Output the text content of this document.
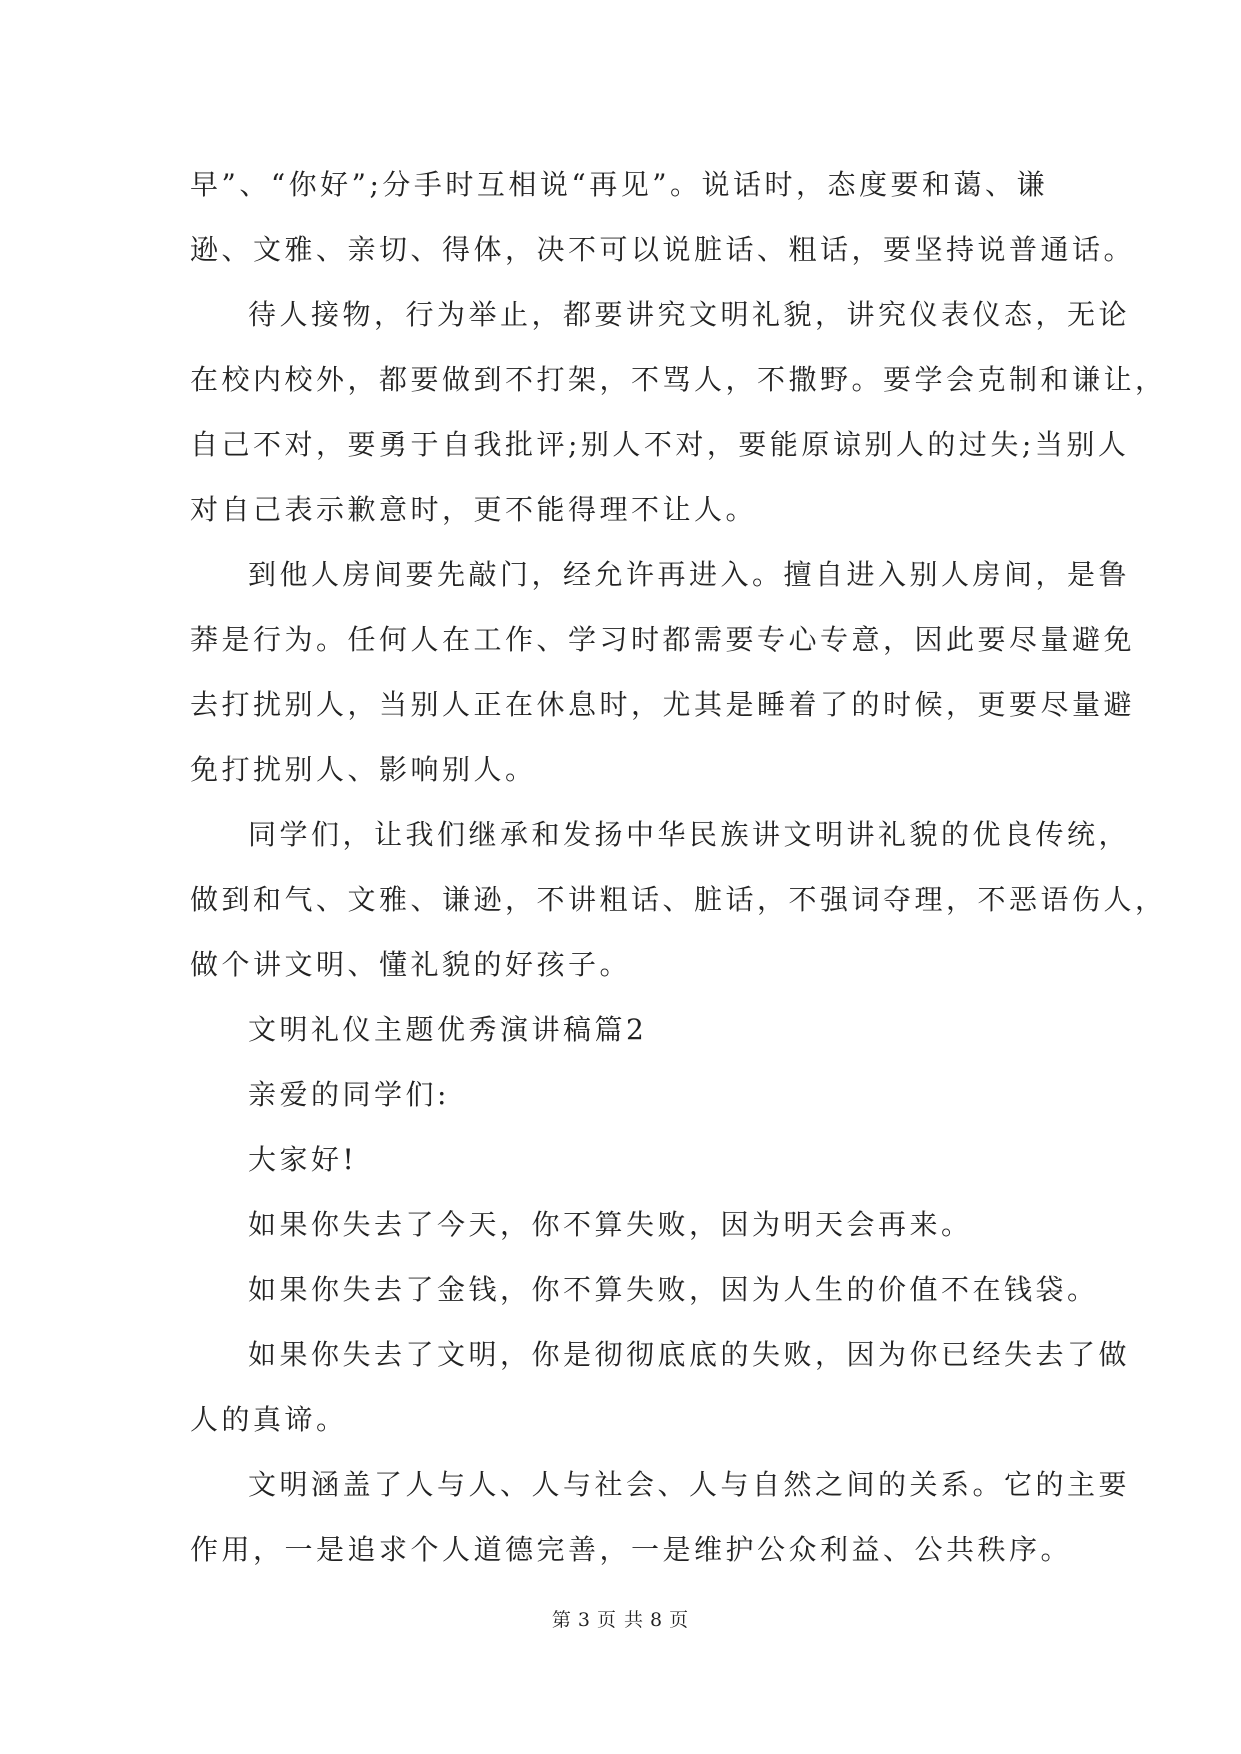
早”、“你好”;分手时互相说“再见”。说话时，态度要和蔼、谦
逊、文雅、亲切、得体，决不可以说脏话、粗话，要坚持说普通话。
待人接物，行为举止，都要讲究文明礼貌，讲究仪表仪态，无论
在校内校外，都要做到不打架，不骂人，不撒野。要学会克制和谦让，
自己不对，要勇于自我批评;别人不对，要能原谅别人的过失;当别人
对自己表示歉意时，更不能得理不让人。
到他人房间要先敲门，经允许再进入。擅自进入别人房间，是鲁
莽是行为。任何人在工作、学习时都需要专心专意，因此要尽量避免
去打扰别人，当别人正在休息时，尤其是睡着了的时候，更要尽量避
免打扰别人、影响别人。
同学们，让我们继承和发扬中华民族讲文明讲礼貌的优良传统，
做到和气、文雅、谦逊，不讲粗话、脏话，不强词夺理，不恶语伤人，
做个讲文明、懂礼貌的好孩子。
文明礼仪主题优秀演讲稿篇2
亲爱的同学们:
大家好!
如果你失去了今天，你不算失败，因为明天会再来。
如果你失去了金钱，你不算失败，因为人生的价值不在钱袋。
如果你失去了文明，你是彻彻底底的失败，因为你已经失去了做
人的真谛。
文明涵盖了人与人、人与社会、人与自然之间的关系。它的主要
作用，一是追求个人道德完善，一是维护公众利益、公共秩序。
第 3 页 共 8 页
